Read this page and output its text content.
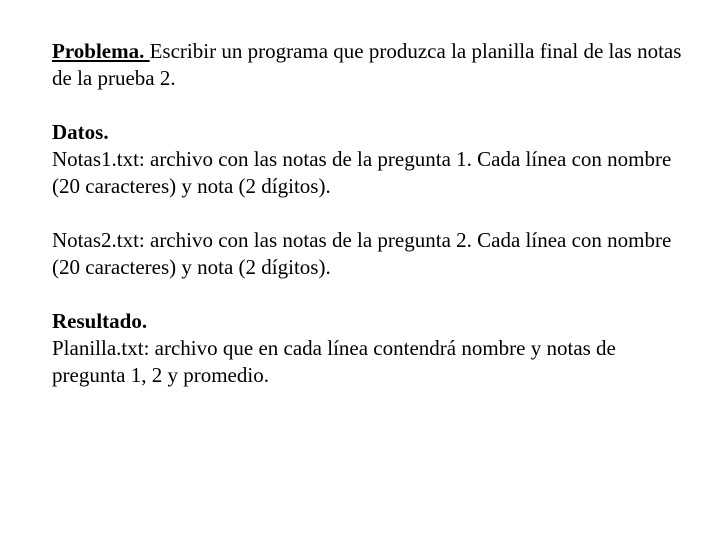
Problema. Escribir un programa que produzca la planilla final de las notas de la prueba 2.

Datos.

Notas1.txt: archivo con las notas de la pregunta 1. Cada línea con nombre (20 caracteres) y nota (2 dígitos).

Notas2.txt: archivo con las notas de la pregunta 2. Cada línea con nombre (20 caracteres) y nota (2 dígitos).

Resultado.

Planilla.txt: archivo que en cada línea contendrá nombre y notas de pregunta 1, 2 y promedio.
